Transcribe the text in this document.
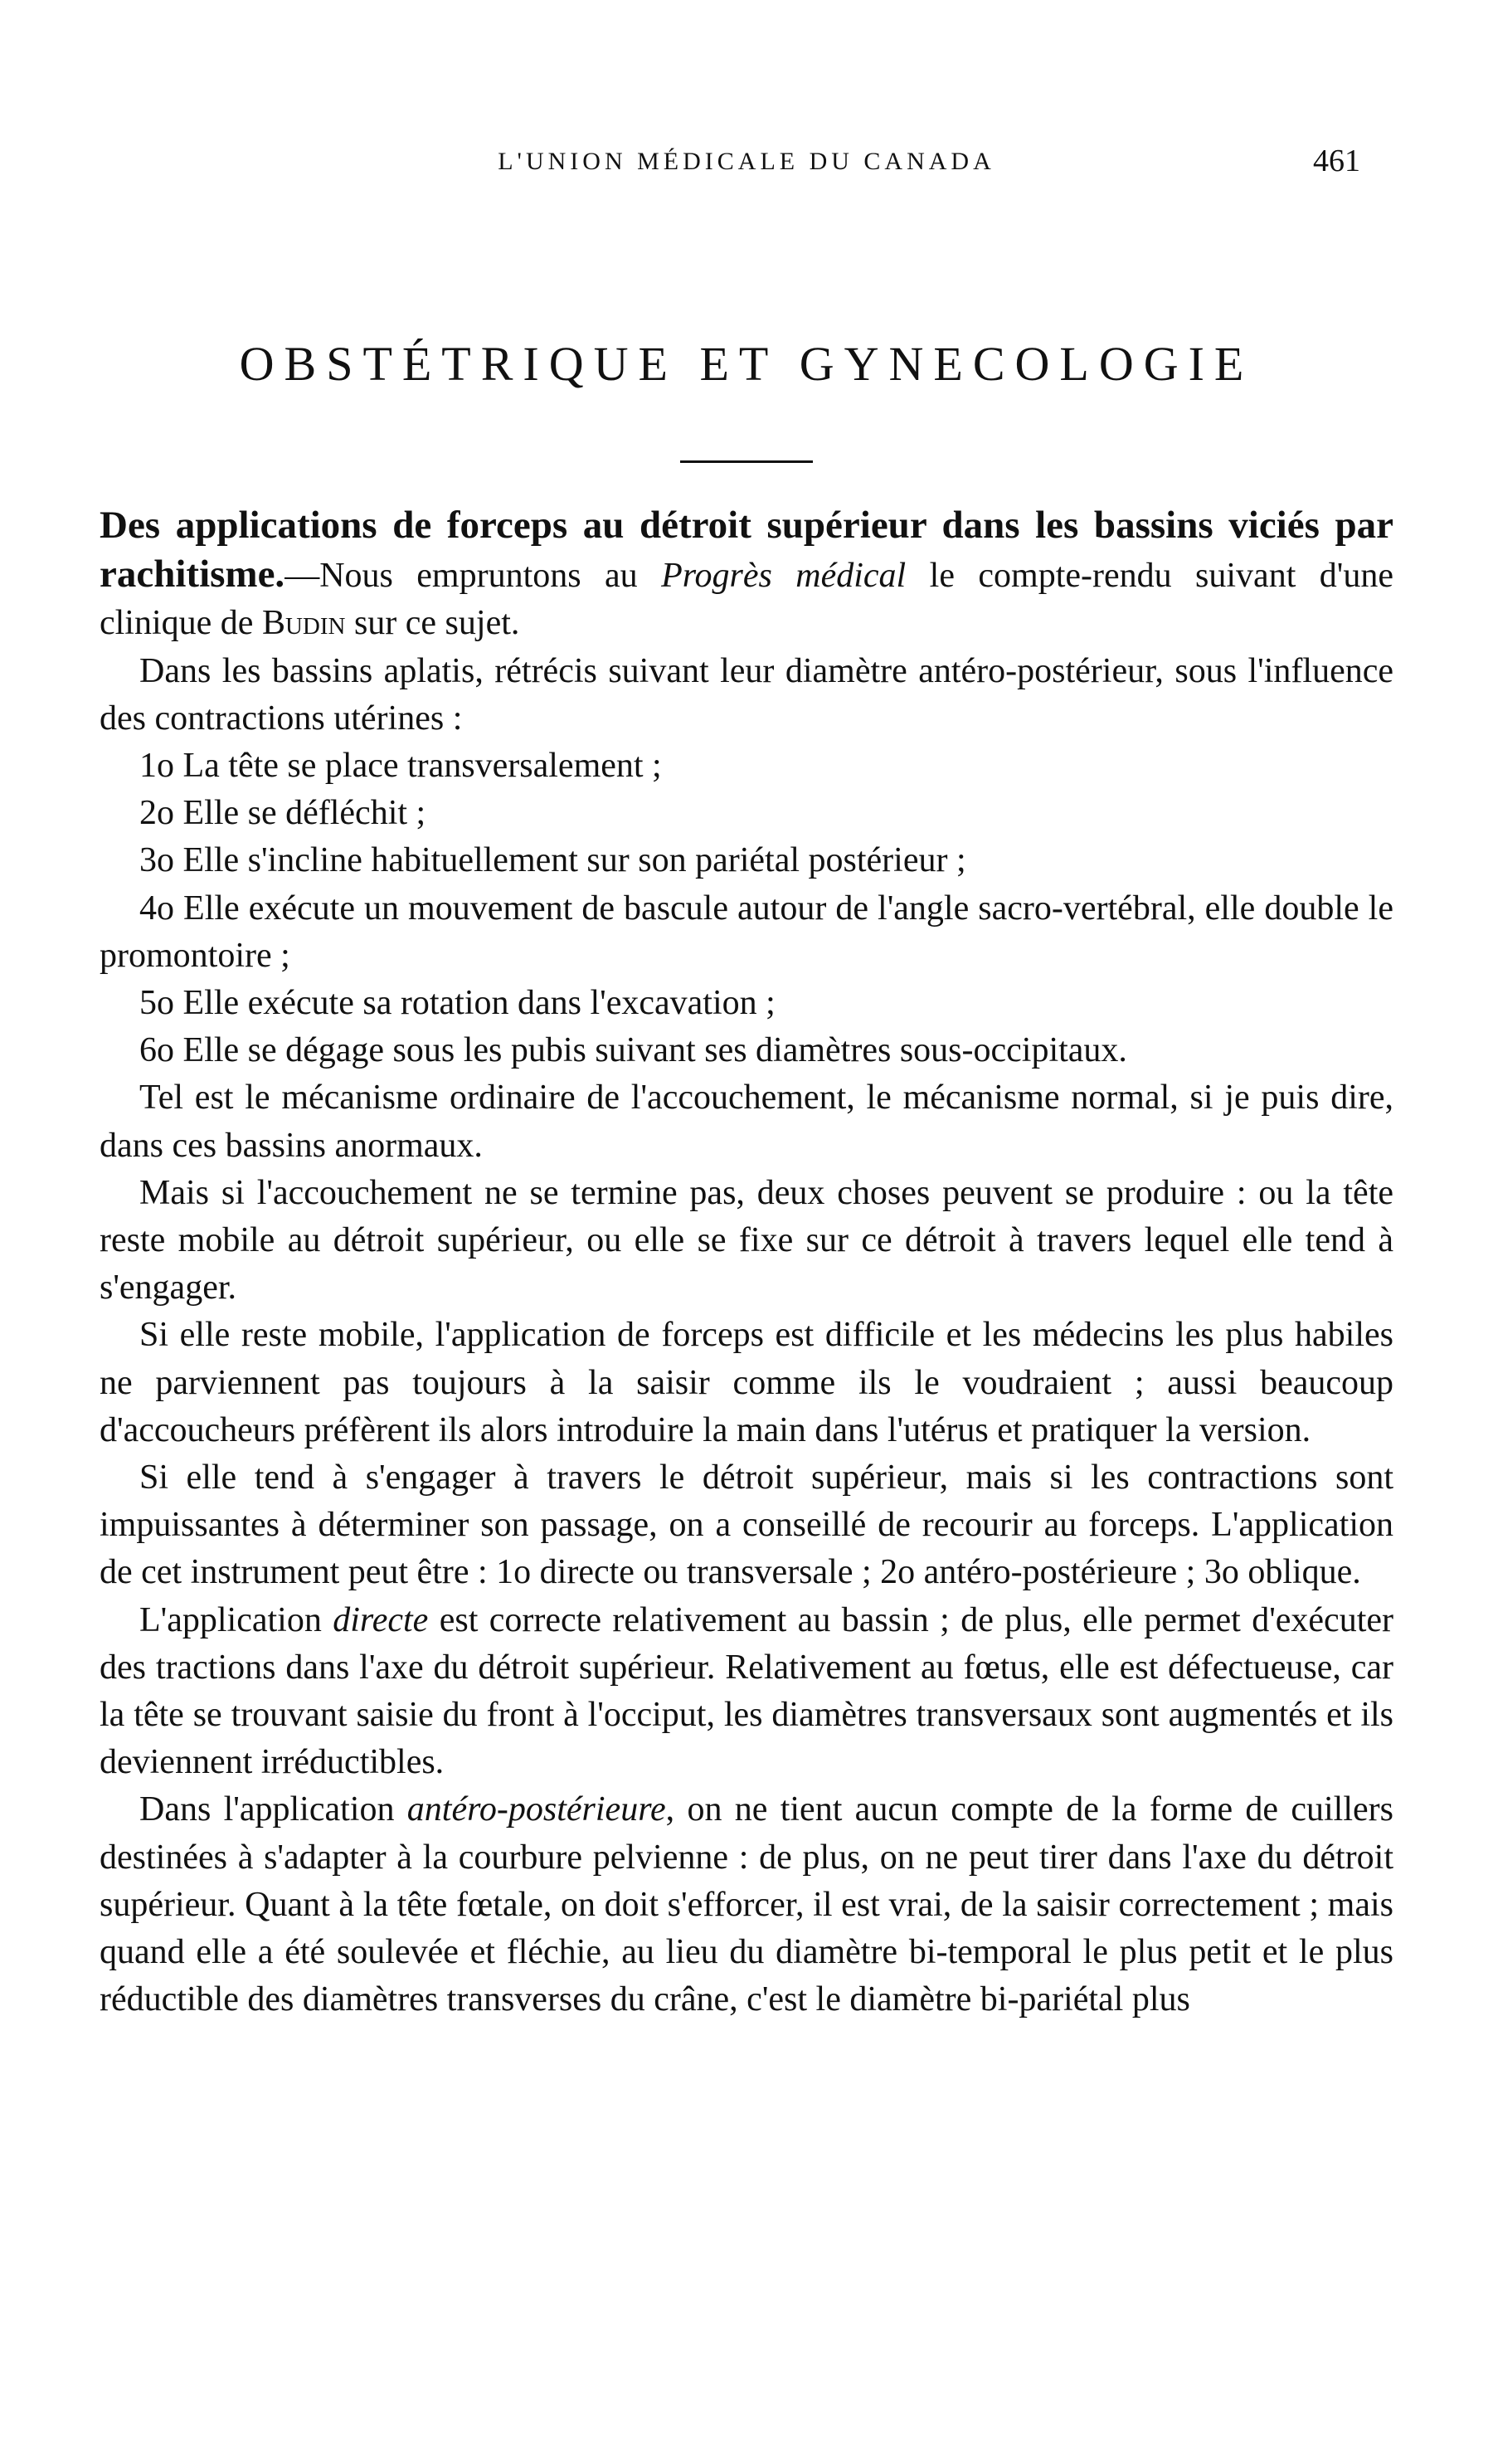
L'UNION MÉDICALE DU CANADA	461
OBSTÉTRIQUE ET GYNECOLOGIE

Des applications de forceps au détroit supérieur dans les bassins viciés par rachitisme.—Nous empruntons au Progrès médical le compte-rendu suivant d'une clinique de Budin sur ce sujet.

Dans les bassins aplatis, rétrécis suivant leur diamètre antéro-postérieur, sous l'influence des contractions utérines :

1o La tête se place transversalement ;

2o Elle se défléchit ;

3o Elle s'incline habituellement sur son pariétal postérieur ;

4o Elle exécute un mouvement de bascule autour de l'angle sacro-vertébral, elle double le promontoire ;

5o Elle exécute sa rotation dans l'excavation ;

6o Elle se dégage sous les pubis suivant ses diamètres sous-occipitaux.

Tel est le mécanisme ordinaire de l'accouchement, le mécanisme normal, si je puis dire, dans ces bassins anormaux.

Mais si l'accouchement ne se termine pas, deux choses peuvent se produire : ou la tête reste mobile au détroit supérieur, ou elle se fixe sur ce détroit à travers lequel elle tend à s'engager.

Si elle reste mobile, l'application de forceps est difficile et les médecins les plus habiles ne parviennent pas toujours à la saisir comme ils le voudraient ; aussi beaucoup d'accoucheurs préfèrent ils alors introduire la main dans l'utérus et pratiquer la version.

Si elle tend à s'engager à travers le détroit supérieur, mais si les contractions sont impuissantes à déterminer son passage, on a conseillé de recourir au forceps. L'application de cet instrument peut être : 1o directe ou transversale ; 2o antéro-postérieure ; 3o oblique.

L'application directe est correcte relativement au bassin ; de plus, elle permet d'exécuter des tractions dans l'axe du détroit supérieur. Relativement au fœtus, elle est défectueuse, car la tête se trouvant saisie du front à l'occiput, les diamètres transversaux sont augmentés et ils deviennent irréductibles.

Dans l'application antéro-postérieure, on ne tient aucun compte de la forme de cuillers destinées à s'adapter à la courbure pelvienne : de plus, on ne peut tirer dans l'axe du détroit supérieur. Quant à la tête fœtale, on doit s'efforcer, il est vrai, de la saisir correctement ; mais quand elle a été soulevée et fléchie, au lieu du diamètre bi-temporal le plus petit et le plus réductible des diamètres transverses du crâne, c'est le diamètre bi-pariétal plus
